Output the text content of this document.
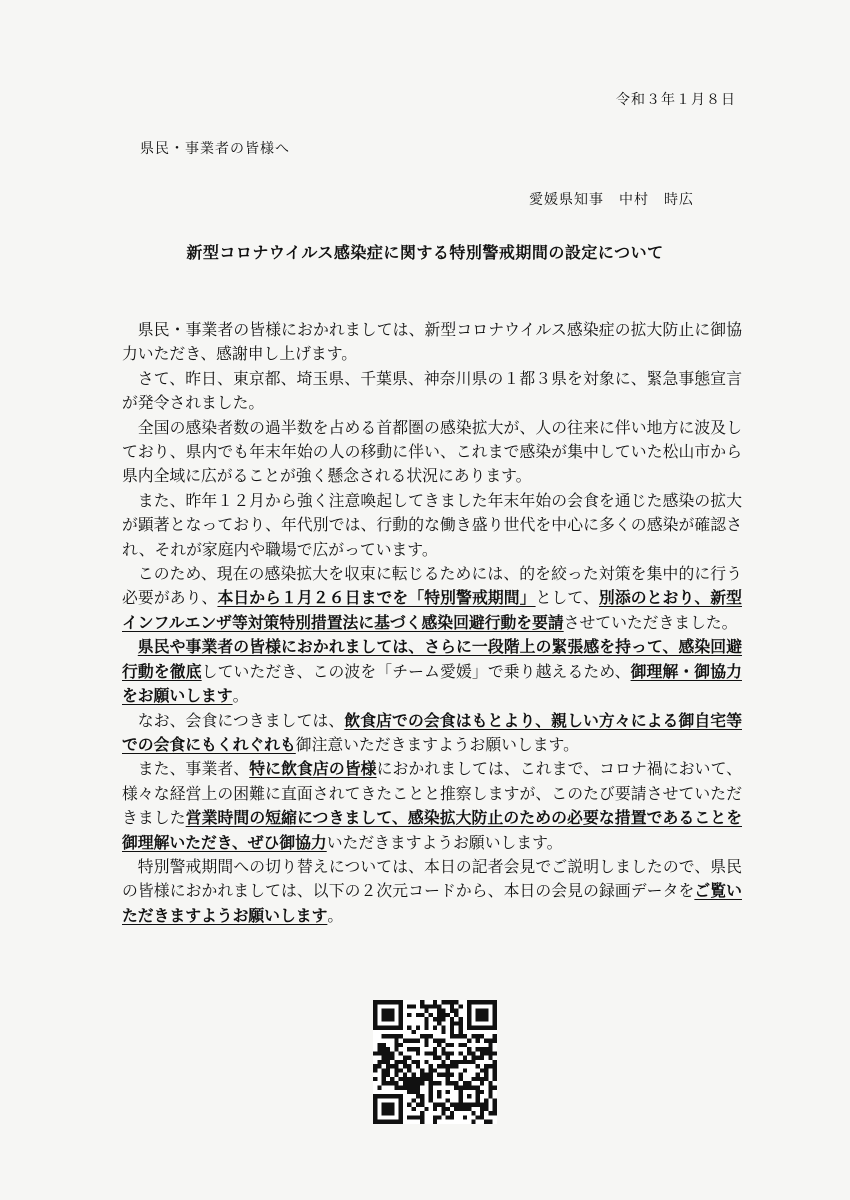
令和３年１月８日
県民・事業者の皆様へ
愛媛県知事　中村　時広
新型コロナウイルス感染症に関する特別警戒期間の設定について

県民・事業者の皆様におかれましては、新型コロナウイルス感染症の拡大防止に御協力いただき、感謝申し上げます。

さて、昨日、東京都、埼玉県、千葉県、神奈川県の１都３県を対象に、緊急事態宣言が発令されました。

全国の感染者数の過半数を占める首都圏の感染拡大が、人の往来に伴い地方に波及しており、県内でも年末年始の人の移動に伴い、これまで感染が集中していた松山市から県内全域に広がることが強く懸念される状況にあります。

また、昨年１２月から強く注意喚起してきました年末年始の会食を通じた感染の拡大が顕著となっており、年代別では、行動的な働き盛り世代を中心に多くの感染が確認され、それが家庭内や職場で広がっています。

このため、現在の感染拡大を収束に転じるためには、的を絞った対策を集中的に行う必要があり、本日から１月２６日までを「特別警戒期間」として、別添のとおり、新型インフルエンザ等対策特別措置法に基づく感染回避行動を要請させていただきました。

県民や事業者の皆様におかれましては、さらに一段階上の緊張感を持って、感染回避行動を徹底していただき、この波を「チーム愛媛」で乗り越えるため、御理解・御協力をお願いします。

なお、会食につきましては、飲食店での会食はもとより、親しい方々による御自宅等での会食にもくれぐれも御注意いただきますようお願いします。

また、事業者、特に飲食店の皆様におかれましては、これまで、コロナ禍において、様々な経営上の困難に直面されてきたことと推察しますが、このたび要請させていただきました営業時間の短縮につきまして、感染拡大防止のための必要な措置であることを御理解いただき、ぜひ御協力いただきますようお願いします。

特別警戒期間への切り替えについては、本日の記者会見でご説明しましたので、県民の皆様におかれましては、以下の２次元コードから、本日の会見の録画データをご覧いただきますようお願いします。
